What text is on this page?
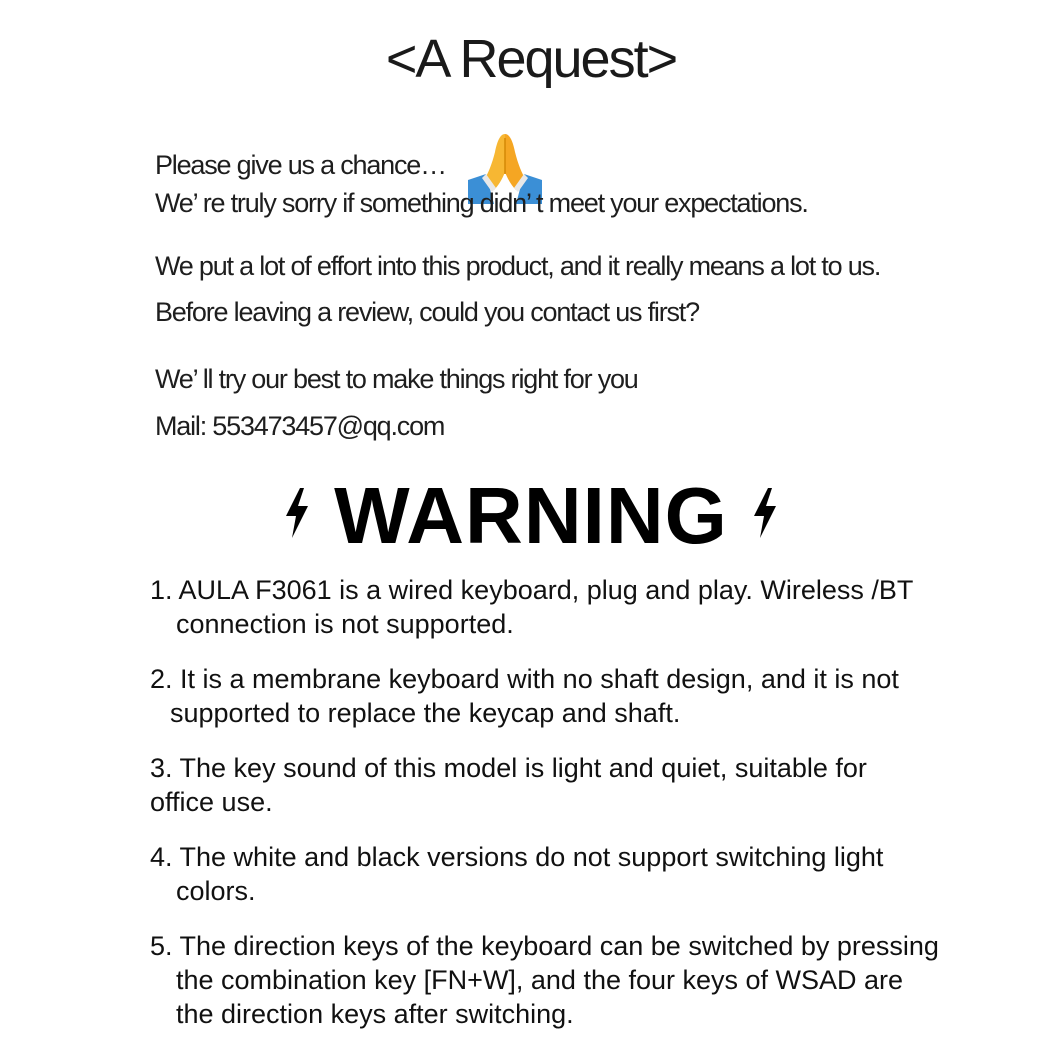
<A Request>
Please give us a chance…
We’ re truly sorry if something didn’ t meet your expectations.
We put a lot of effort into this product, and it really means a lot to us.
Before leaving a review, could you contact us first?
We’ ll try our best to make things right for you
Mail: 553473457@qq.com
WARNING
1. AULA F3061 is a wired keyboard, plug and play. Wireless /BT
connection is not supported.
2. It is a membrane keyboard with no shaft design, and it is not
supported to replace the keycap and shaft.
3. The key sound of this model is light and quiet, suitable for
office use.
4. The white and black versions do not support switching light
colors.
5. The direction keys of the keyboard can be switched by pressing
the combination key [FN+W], and the four keys of WSAD are
the direction keys after switching.
